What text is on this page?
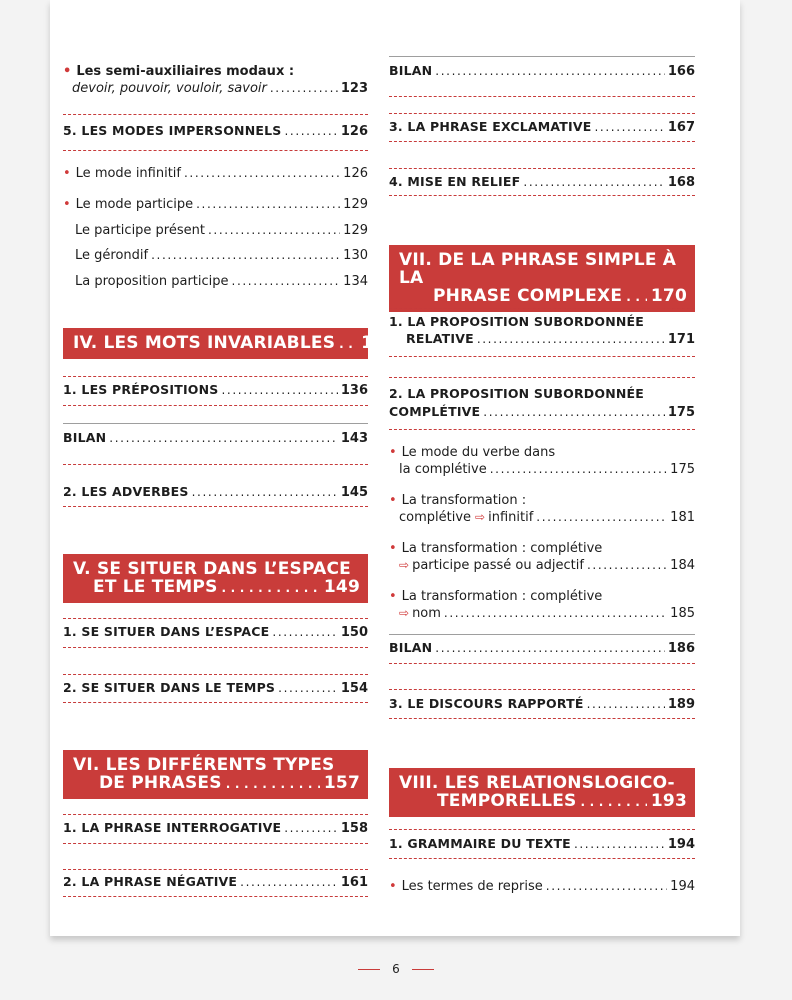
• Les semi-auxiliaires modaux :
devoir, pouvoir, vouloir, savoir . . .	123
5. LES MODES IMPERSONNELS . . .	126
• Le mode infinitif . . .	126
• Le mode participe . . .	129
Le participe présent . . .	129
Le gérondif . . .	130
La proposition participe . . .	134
IV. LES MOTS INVARIABLES . . . 135
1. LES PRÉPOSITIONS . . .	136
BILAN . . .	143
2. LES ADVERBES . . .	145
V. SE SITUER DANS L’ESPACE
ET LE TEMPS . . .	149
1. SE SITUER DANS L’ESPACE . . .	150
2. SE SITUER DANS LE TEMPS . . .	154
VI. LES DIFFÉRENTS TYPES
DE PHRASES . . .	157
1. LA PHRASE INTERROGATIVE . . .	158
2. LA PHRASE NÉGATIVE . . .	161
BILAN . . .	166
3. LA PHRASE EXCLAMATIVE . . .	167
4. MISE EN RELIEF . . .	168
VII. DE LA PHRASE SIMPLE À LA
PHRASE COMPLEXE . . . 170
1. LA PROPOSITION SUBORDONNÉE
RELATIVE . . .	171
2. LA PROPOSITION SUBORDONNÉE
COMPLÉTIVE . . .	175
• Le mode du verbe dans
la complétive . . .	175
• La transformation :
complétive ⇨ infinitif . . .	181
• La transformation : complétive
⇨ participe passé ou adjectif . . .	184
• La transformation : complétive
⇨ nom . . .	185
BILAN . . .	186
3. LE DISCOURS RAPPORTÉ . . .	189
VIII. LES RELATIONSLOGICO-
TEMPORELLES . . .	193
1. GRAMMAIRE DU TEXTE . . .	194
• Les termes de reprise . . .	194
6
